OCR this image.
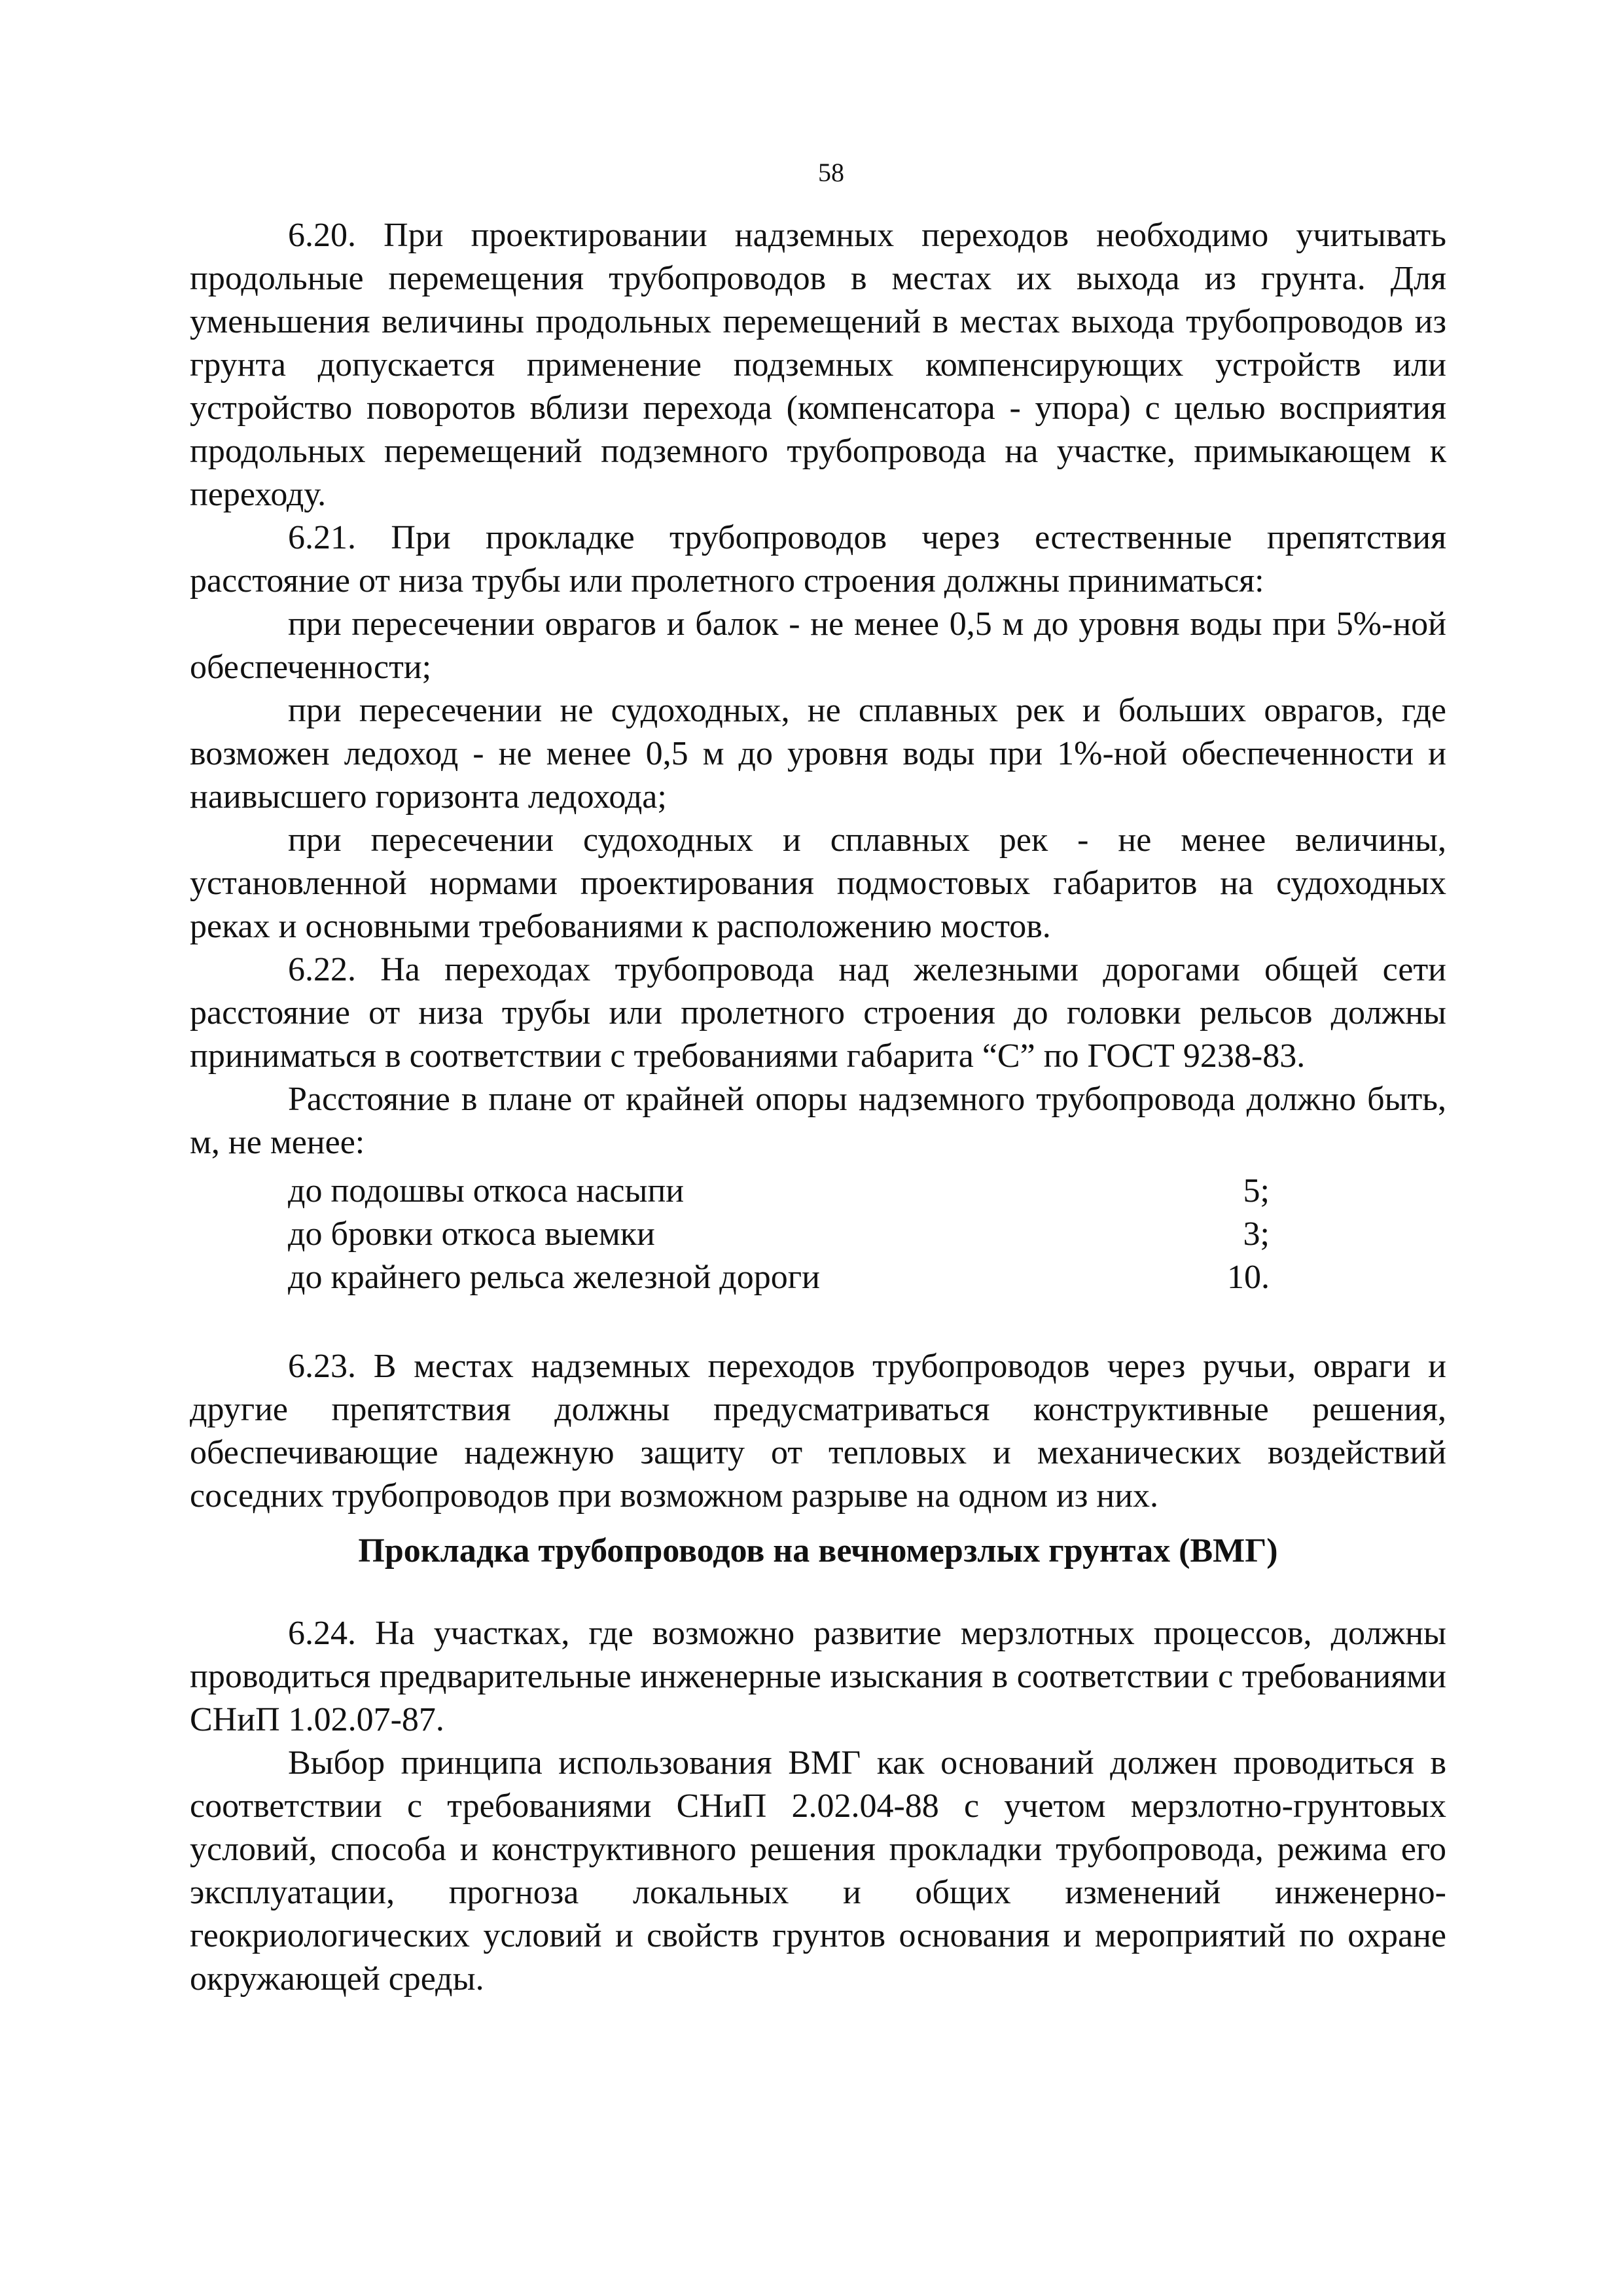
58

6.20. При проектировании надземных переходов необходимо учитывать продольные перемещения трубопроводов в местах их выхода из грунта. Для уменьшения величины продольных перемещений в местах выхода трубопроводов из грунта допускается применение подземных компенсирующих устройств или устройство поворотов вблизи перехода (компенсатора - упора) с целью восприятия продольных перемещений подземного трубопровода на участке, примыкающем к переходу.

6.21. При прокладке трубопроводов через естественные препятствия расстояние от низа трубы или пролетного строения должны приниматься:

при пересечении оврагов и балок - не менее 0,5 м до уровня воды при 5%-ной обеспеченности;

при пересечении не судоходных, не сплавных рек и больших оврагов, где возможен ледоход - не менее 0,5 м до уровня воды при 1%-ной обеспеченности и наивысшего горизонта ледохода;

при пересечении судоходных и сплавных рек - не менее величины, установленной нормами проектирования подмостовых габаритов на судоходных реках и основными требованиями к расположению мостов.

6.22. На переходах трубопровода над железными дорогами общей сети расстояние от низа трубы или пролетного строения до головки рельсов должны приниматься в соответствии с требованиями габарита “С” по ГОСТ 9238-83.

Расстояние в плане от крайней опоры надземного трубопровода должно быть, м, не менее:

до подошвы откоса насыпи	5;
до бровки откоса выемки	3;
до крайнего рельса железной дороги	10.

6.23. В местах надземных переходов трубопроводов через ручьи, овраги и другие препятствия должны предусматриваться конструктивные решения, обеспечивающие надежную защиту от тепловых и механических воздействий соседних трубопроводов при возможном разрыве на одном из них.

Прокладка трубопроводов на вечномерзлых грунтах (ВМГ)

6.24. На участках, где возможно развитие мерзлотных процессов, должны проводиться предварительные инженерные изыскания в соответствии с требованиями СНиП 1.02.07-87.

Выбор принципа использования ВМГ как оснований должен проводиться в соответствии с требованиями СНиП 2.02.04-88 с учетом мерзлотно-грунтовых условий, способа и конструктивного решения прокладки трубопровода, режима его эксплуатации, прогноза локальных и общих изменений инженерно- геокриологических условий и свойств грунтов основания и мероприятий по охране окружающей среды.
